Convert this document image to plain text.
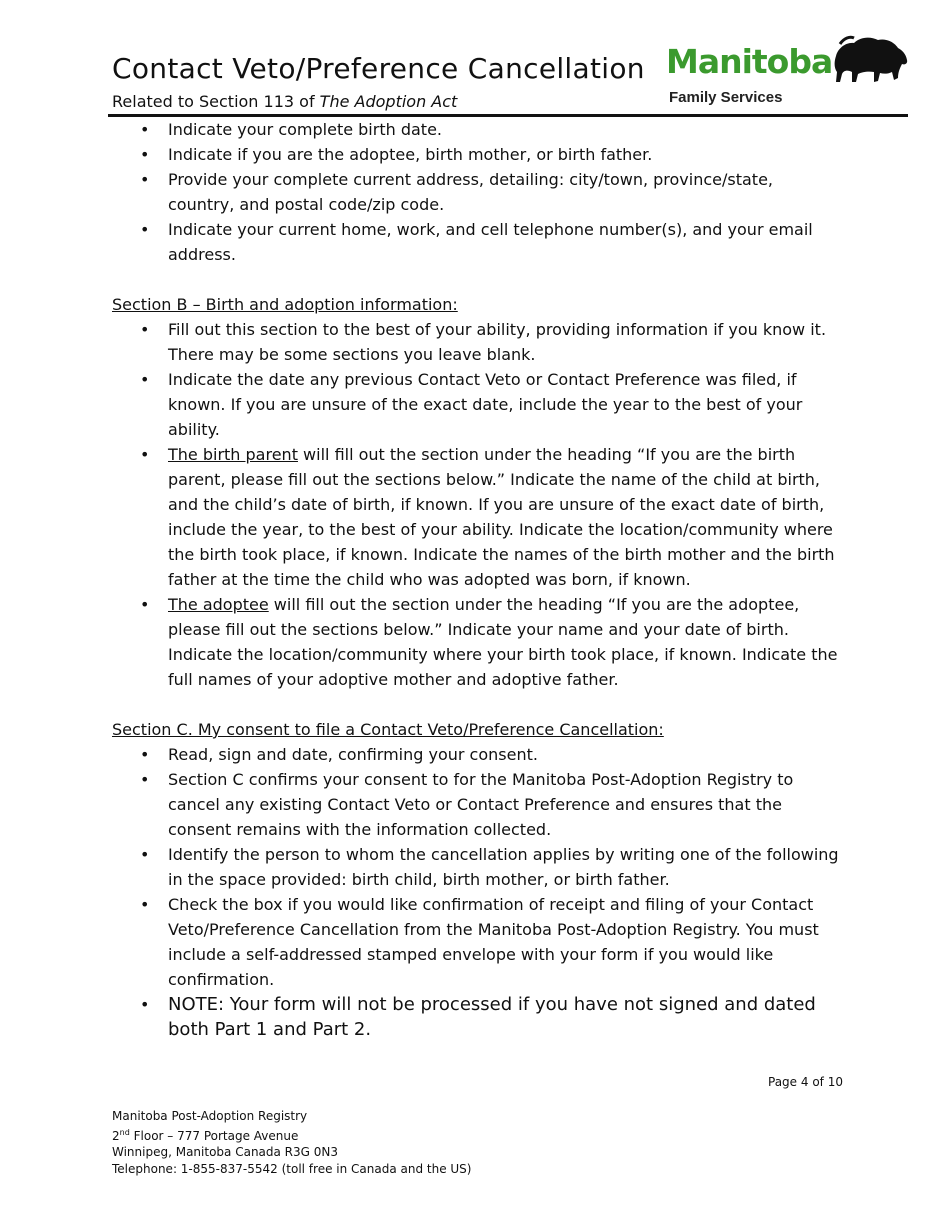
Contact Veto/Preference Cancellation
Related to Section 113 of The Adoption Act
Manitoba
Family Services
• Indicate your complete birth date.
• Indicate if you are the adoptee, birth mother, or birth father.
• Provide your complete current address, detailing: city/town, province/state, country, and postal code/zip code.
• Indicate your current home, work, and cell telephone number(s), and your email address.
Section B – Birth and adoption information:
• Fill out this section to the best of your ability, providing information if you know it. There may be some sections you leave blank.
• Indicate the date any previous Contact Veto or Contact Preference was filed, if known. If you are unsure of the exact date, include the year to the best of your ability.
• The birth parent will fill out the section under the heading “If you are the birth parent, please fill out the sections below.” Indicate the name of the child at birth, and the child’s date of birth, if known. If you are unsure of the exact date of birth, include the year, to the best of your ability. Indicate the location/community where the birth took place, if known. Indicate the names of the birth mother and the birth father at the time the child who was adopted was born, if known.
• The adoptee will fill out the section under the heading “If you are the adoptee, please fill out the sections below.” Indicate your name and your date of birth. Indicate the location/community where your birth took place, if known. Indicate the full names of your adoptive mother and adoptive father.
Section C. My consent to file a Contact Veto/Preference Cancellation:
• Read, sign and date, confirming your consent.
• Section C confirms your consent to for the Manitoba Post-Adoption Registry to cancel any existing Contact Veto or Contact Preference and ensures that the consent remains with the information collected.
• Identify the person to whom the cancellation applies by writing one of the following in the space provided: birth child, birth mother, or birth father.
• Check the box if you would like confirmation of receipt and filing of your Contact Veto/Preference Cancellation from the Manitoba Post-Adoption Registry. You must include a self-addressed stamped envelope with your form if you would like confirmation.
• NOTE: Your form will not be processed if you have not signed and dated both Part 1 and Part 2.
Page 4 of 10
Manitoba Post-Adoption Registry
2nd Floor – 777 Portage Avenue
Winnipeg, Manitoba Canada R3G 0N3
Telephone: 1-855-837-5542 (toll free in Canada and the US)
